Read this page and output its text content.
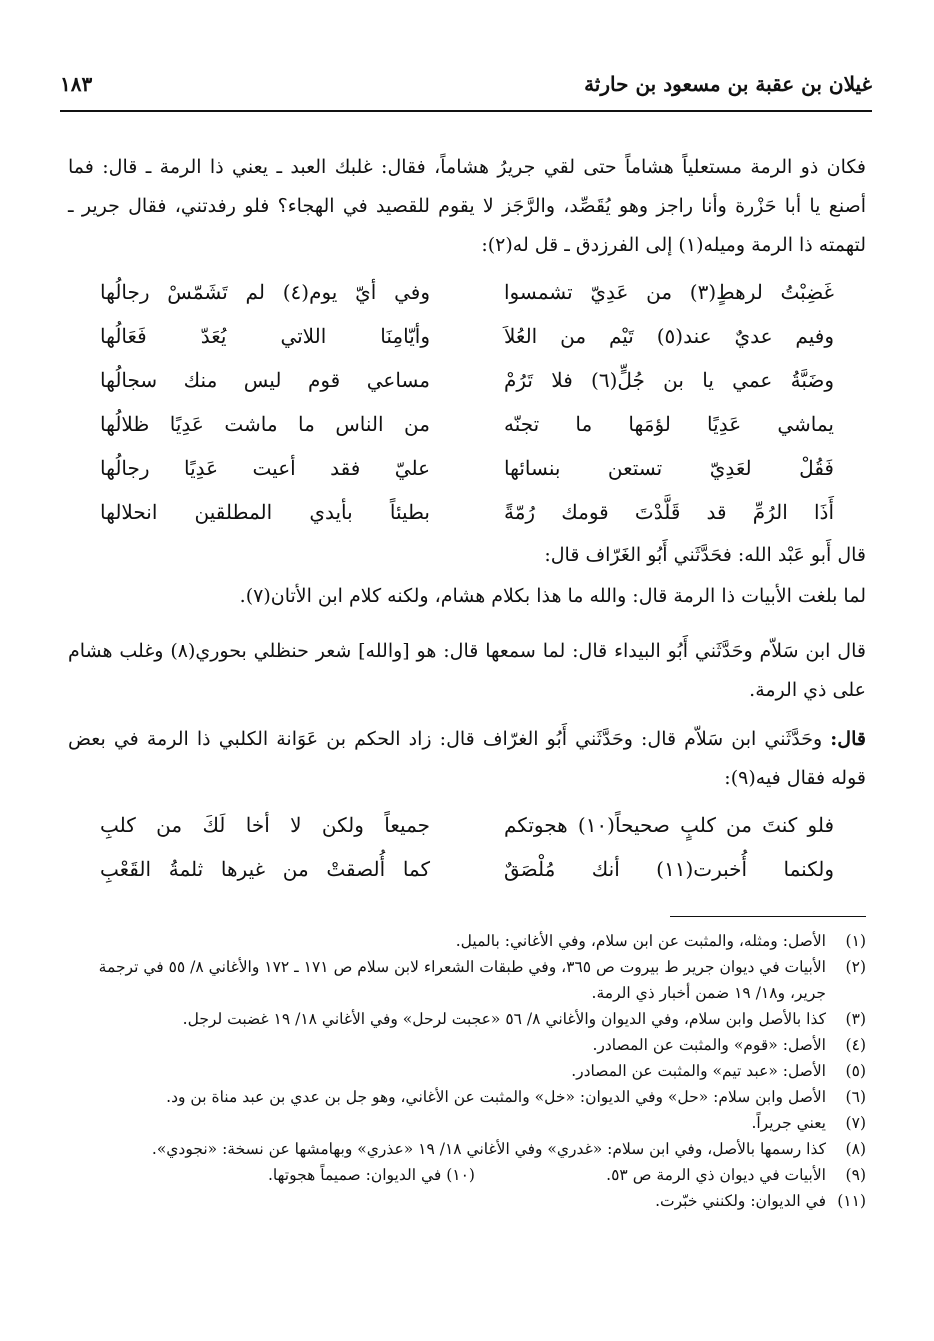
غيلان بن عقبة بن مسعود بن حارثة
١٨٣
فكان ذو الرمة مستعلياً هشاماً حتى لقي جريرُ هشاماً، فقال: غلبك العبد ـ يعني ذا الرمة ـ قال: فما أصنع يا أبا حَزْرة وأنا راجز وهو يُقَصِّد، والرَّجَز لا يقوم للقصيد في الهجاء؟ فلو رفدتني، فقال جرير ـ لتهمته ذا الرمة وميله(١) إلى الفرزدق ـ قل له(٢):
غَضِبْتُ لرهطٍ(٣) من عَدِيّ تشمسوا
وفي أيّ يوم(٤) لم تَشَمّسْ رجالُها
وفيم عديٌ عند(٥) تَيْم من العُلاَ
وأيّامِنَا اللاتي يُعَدّ فَعَالُها
وضَبَّةُ عمي يا بن جُلٍّ(٦) فلا تَرُمْ
مساعي قوم ليس منك سجالُها
يماشي عَدِيًا لؤمَها ما تجنّه
من الناس ما ماشت عَدِيًا ظلالُها
فَقُلْ لعَدِيّ تستعن بنسائها
عليّ فقد أعيت عَدِيًا رجالُها
أَذَا الرُمِّ قد قَلَّدْتَ قومك رُمّةً
بطيئاً بأيدي المطلقين انحلالها
قال أَبو عَبْد الله: فحَدَّثَني أَبُو الغَرّاف قال:
لما بلغت الأبيات ذا الرمة قال: والله ما هذا بكلام هشام، ولكنه كلام ابن الأتان(٧).
قال ابن سَلاّم وحَدَّثَني أَبُو البيداء قال: لما سمعها قال: هو [والله] شعر حنظلي بحوري(٨) وغلب هشام على ذي الرمة.
قال: وحَدَّثَني ابن سَلاّم قال: وحَدَّثَني أَبُو الغرّاف قال: زاد الحكم بن عَوَانة الكلبي ذا الرمة في بعض قوله فقال فيه(٩):
فلو كنتَ من كلبٍ صحيحاً(١٠) هجوتكم
جميعاً ولكن لا أخا لَكَ من كلبِ
ولكنما أُخبرت(١١) أنك مُلْصَقٌ
كما أُلصقتْ من غيرها ثلمةُ القَعْبِ
(١)
الأصل: ومثله، والمثبت عن ابن سلام، وفي الأغاني: بالميل.
(٢)
الأبيات في ديوان جرير ط بيروت ص ٣٦٥، وفي طبقات الشعراء لابن سلام ص ١٧١ ـ ١٧٢ والأغاني ٨/ ٥٥ في ترجمة جرير، و١٨/ ١٩ ضمن أخبار ذي الرمة.
(٣)
كذا بالأصل وابن سلام، وفي الديوان والأغاني ٨/ ٥٦ «عجبت لرحل» وفي الأغاني ١٨/ ١٩ غضبت لرجل.
(٤)
الأصل: «قوم» والمثبت عن المصادر.
(٥)
الأصل: «عبد تيم» والمثبت عن المصادر.
(٦)
الأصل وابن سلام: «حل» وفي الديوان: «خل» والمثبت عن الأغاني، وهو جل بن عدي بن عبد مناة بن ود.
(٧)
يعني جريراً.
(٨)
كذا رسمها بالأصل، وفي ابن سلام: «غدري» وفي الأغاني ١٨/ ١٩ «عذري» وبهامشها عن نسخة: «نجودي».
(٩)
الأبيات في ديوان ذي الرمة ص ٥٣.
(١٠) في الديوان: صميماً هجوتها.
(١١)
في الديوان: ولكنني خبّرت.
